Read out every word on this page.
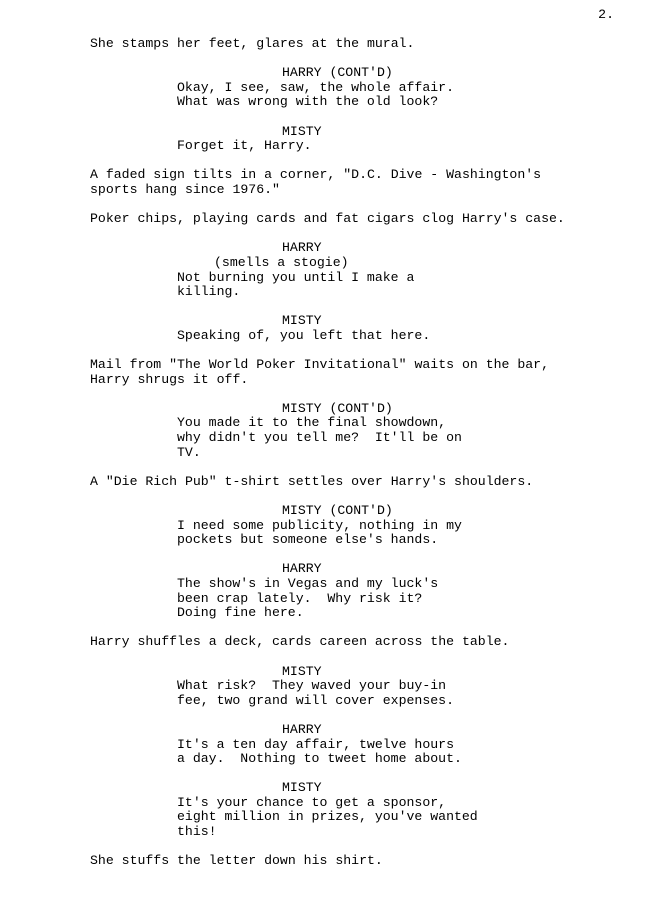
2.
She stamps her feet, glares at the mural.
HARRY (CONT'D)
Okay, I see, saw, the whole affair.
What was wrong with the old look?
MISTY
Forget it, Harry.
A faded sign tilts in a corner, "D.C. Dive - Washington's
sports hang since 1976."
Poker chips, playing cards and fat cigars clog Harry's case.
HARRY
(smells a stogie)
Not burning you until I make a
killing.
MISTY
Speaking of, you left that here.
Mail from "The World Poker Invitational" waits on the bar,
Harry shrugs it off.
MISTY (CONT'D)
You made it to the final showdown,
why didn't you tell me?  It'll be on
TV.
A "Die Rich Pub" t-shirt settles over Harry's shoulders.
MISTY (CONT'D)
I need some publicity, nothing in my
pockets but someone else's hands.
HARRY
The show's in Vegas and my luck's
been crap lately.  Why risk it?
Doing fine here.
Harry shuffles a deck, cards careen across the table.
MISTY
What risk?  They waved your buy-in
fee, two grand will cover expenses.
HARRY
It's a ten day affair, twelve hours
a day.  Nothing to tweet home about.
MISTY
It's your chance to get a sponsor,
eight million in prizes, you've wanted
this!
She stuffs the letter down his shirt.
